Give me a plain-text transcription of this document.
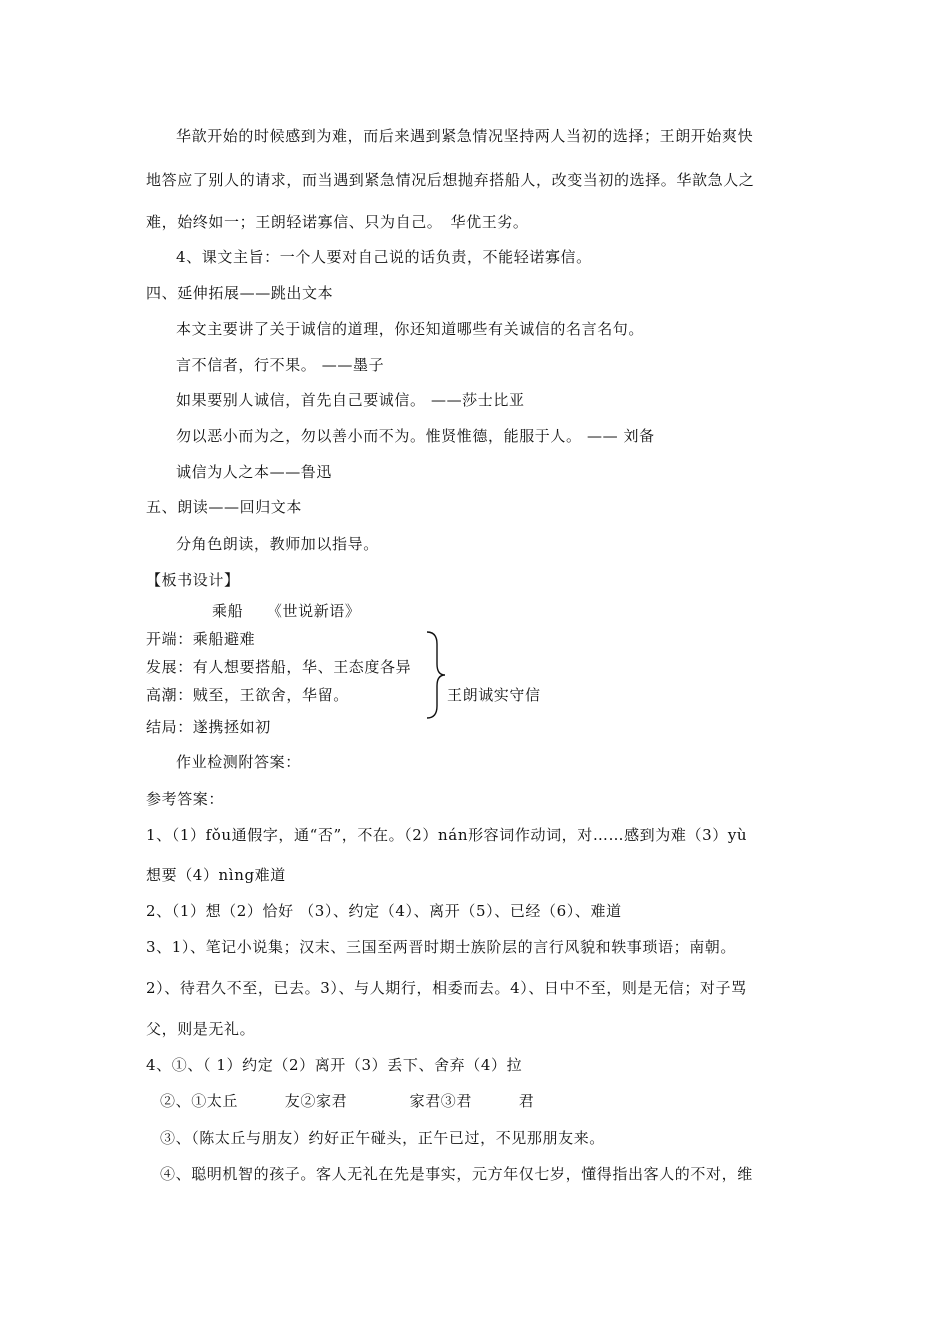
华歆开始的时候感到为难，而后来遇到紧急情况坚持两人当初的选择；王朗开始爽快
地答应了别人的请求，而当遇到紧急情况后想抛弃搭船人，改变当初的选择。华歆急人之
难，始终如一；王朗轻诺寡信、只为自己。　华优王劣。
4、课文主旨：一个人要对自己说的话负责，不能轻诺寡信。
四、延伸拓展——跳出文本
本文主要讲了关于诚信的道理，你还知道哪些有关诚信的名言名句。
言不信者，行不果。 ——墨子
如果要别人诚信，首先自己要诚信。 ——莎士比亚
勿以恶小而为之，勿以善小而不为。惟贤惟德，能服于人。 —— 刘备
诚信为人之本——鲁迅
五、朗读——回归文本
分角色朗读，教师加以指导。
【板书设计】
乘船　　《世说新语》
开端：乘船避难
发展：有人想要搭船，华、王态度各异
高潮：贼至，王欲舍，华留。
结局：遂携拯如初
王朗诚实守信
作业检测附答案：
参考答案：
1、（1）fǒu通假字，通“否”，不在。（2）nán形容词作动词，对……感到为难（3）yù
想要（4）nìng难道
2、（1）想（2）恰好 （3）、约定（4）、离开（5）、已经（6）、难道
3、1）、笔记小说集；汉末、三国至两晋时期士族阶层的言行风貌和轶事琐语；南朝。
2）、待君久不至，已去。3）、与人期行，相委而去。4）、日中不至，则是无信；对子骂
父，则是无礼。
4、①、（ 1）约定（2）离开（3）丢下、舍弃（4）拉
②、①太丘　　　友②家君　　　　家君③君　　　君
③、（陈太丘与朋友）约好正午碰头，正午已过，不见那朋友来。
④、聪明机智的孩子。客人无礼在先是事实，元方年仅七岁，懂得指出客人的不对，维
